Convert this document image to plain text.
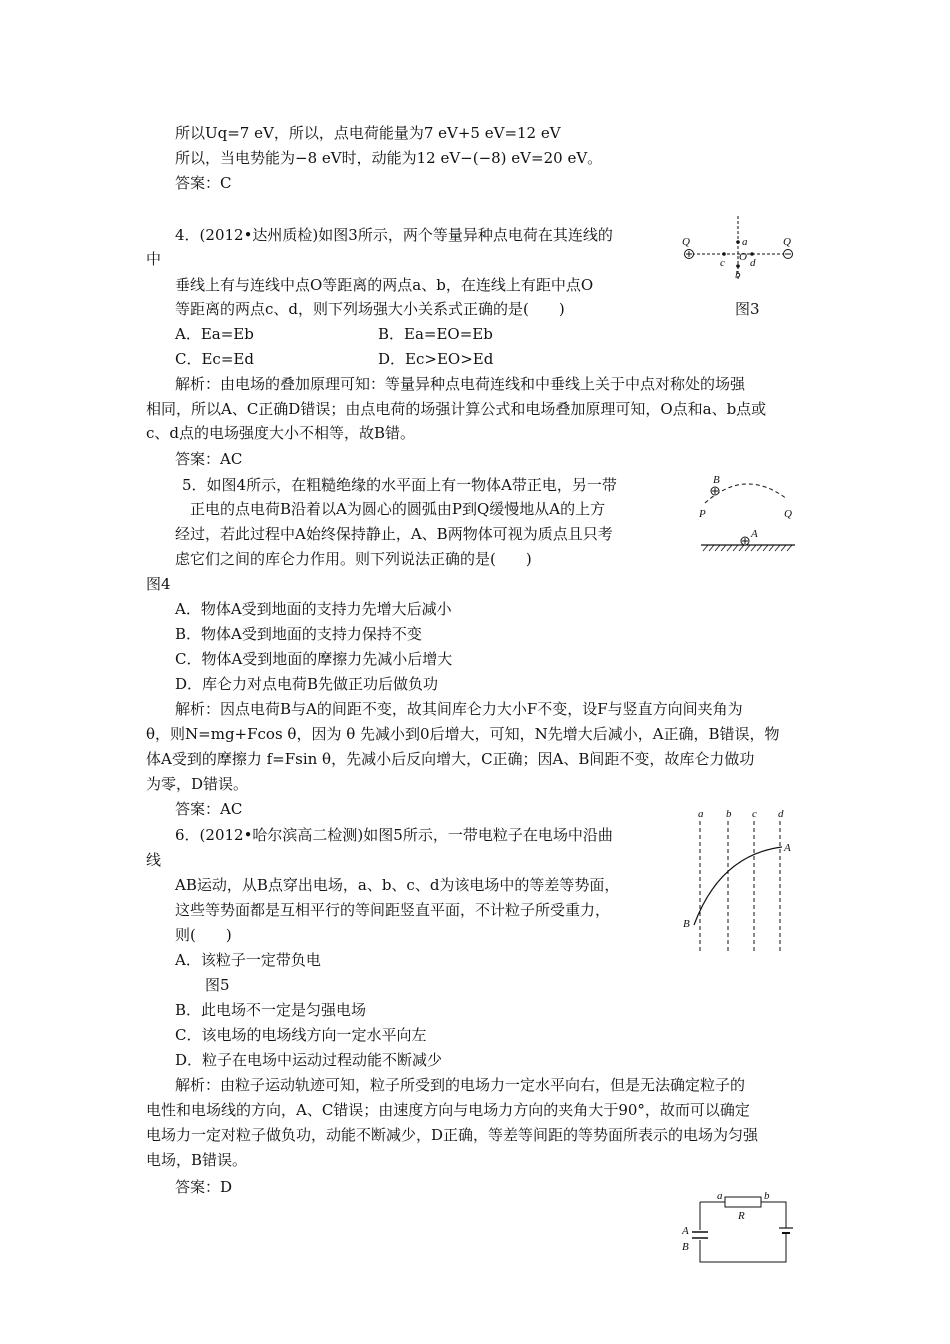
所以Uq=7 eV，所以，点电荷能量为7 eV+5 eV=12 eV
所以，当电势能为−8 eV时，动能为12 eV−(−8) eV=20 eV。
答案：C
4．(2012•达州质检)如图3所示，两个等量异种点电荷在其连线的
中
垂线上有与连线中点O等距离的两点a、b，在连线上有距中点O
等距离的两点c、d，则下列场强大小关系式正确的是(　　)
A．Ea=Eb	B．Ea=EO=Eb
C．Ec=Ed	D．Ec>EO>Ed
解析：由电场的叠加原理可知：等量异种点电荷连线和中垂线上关于中点对称处的场强
相同，所以A、C正确D错误；由点电荷的场强计算公式和电场叠加原理可知，O点和a、b点或
c、d点的电场强度大小不相等，故B错。
答案：AC
Q	Q
a
b
c d
O
图3
5．如图4所示，在粗糙绝缘的水平面上有一物体A带正电，另一带
正电的点电荷B沿着以A为圆心的圆弧由P到Q缓慢地从A的上方
经过，若此过程中A始终保持静止，A、B两物体可视为质点且只考
虑它们之间的库仑力作用。则下列说法正确的是(　　)
图4
A．物体A受到地面的支持力先增大后减小
B．物体A受到地面的支持力保持不变
C．物体A受到地面的摩擦力先减小后增大
D．库仑力对点电荷B先做正功后做负功
解析：因点电荷B与A的间距不变，故其间库仑力大小F不变，设F与竖直方向间夹角为
θ，则N=mg+Fcos θ，因为 θ 先减小到0后增大，可知，N先增大后减小，A正确，B错误，物
体A受到的摩擦力 f=Fsin θ，先减小后反向增大，C正确；因A、B间距不变，故库仑力做功
为零，D错误。
答案：AC
B
P	Q
A
6．(2012•哈尔滨高二检测)如图5所示，一带电粒子在电场中沿曲
线
AB运动，从B点穿出电场，a、b、c、d为该电场中的等差等势面，
这些等势面都是互相平行的等间距竖直平面，不计粒子所受重力，
则(　　)
A．该粒子一定带负电
图5
B．此电场不一定是匀强电场
C．该电场的电场线方向一定水平向左
D．粒子在电场中运动过程动能不断减少
解析：由粒子运动轨迹可知，粒子所受到的电场力一定水平向右，但是无法确定粒子的
电性和电场线的方向，A、C错误；由速度方向与电场力方向的夹角大于90°，故而可以确定
电场力一定对粒子做负功，动能不断减少，D正确，等差等间距的等势面所表示的电场为匀强
电场，B错误。
答案：D
a b c d
A
B
a	b
R
A
B
